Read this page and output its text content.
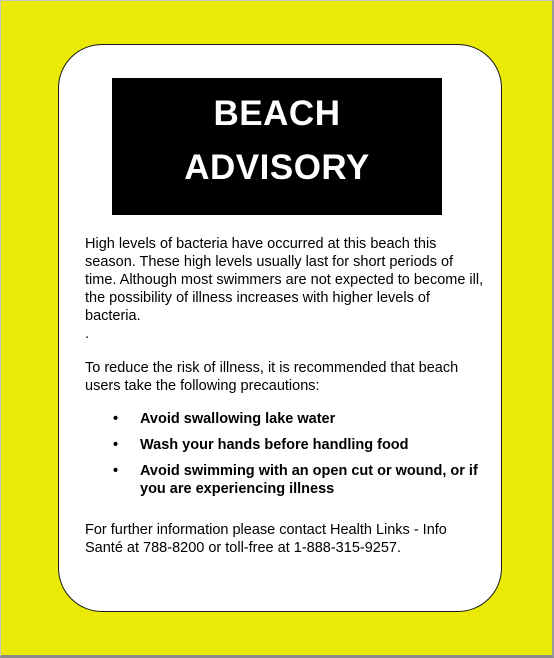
BEACH
ADVISORY

High levels of bacteria have occurred at this beach this season. These high levels usually last for short periods of time. Although most swimmers are not expected to become ill, the possibility of illness increases with higher levels of bacteria.

.

To reduce the risk of illness, it is recommended that beach users take the following precautions:

• Avoid swallowing lake water
• Wash your hands before handling food
• Avoid swimming with an open cut or wound, or if you are experiencing illness

For further information please contact Health Links - Info Santé at 788-8200 or toll-free at 1-888-315-9257.
